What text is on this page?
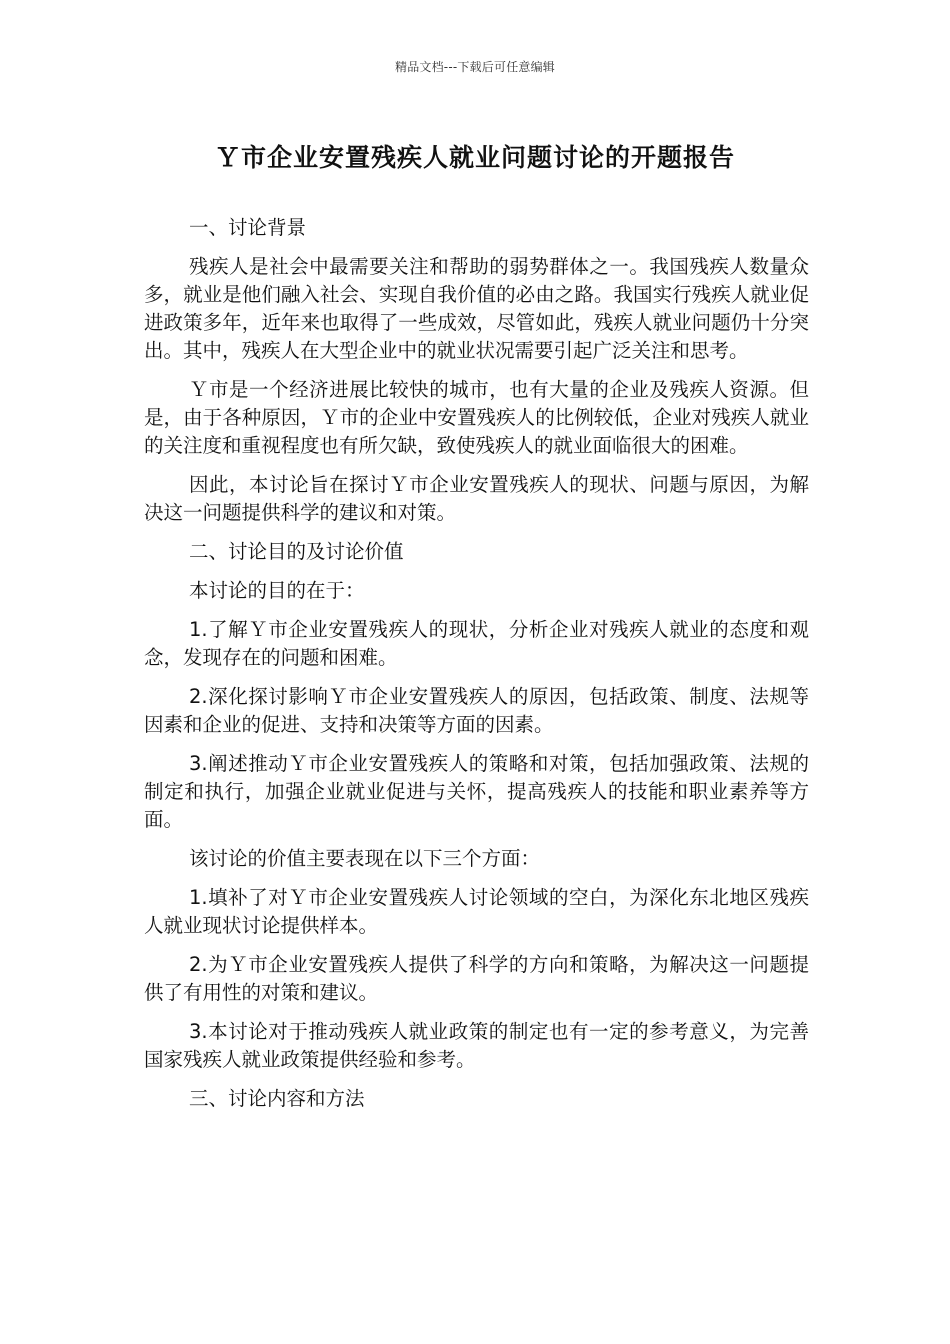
精品文档---下载后可任意编辑
Ｙ市企业安置残疾人就业问题讨论的开题报告

一、讨论背景

残疾人是社会中最需要关注和帮助的弱势群体之一。我国残疾人数量众多，就业是他们融入社会、实现自我价值的必由之路。我国实行残疾人就业促进政策多年，近年来也取得了一些成效，尽管如此，残疾人就业问题仍十分突出。其中，残疾人在大型企业中的就业状况需要引起广泛关注和思考。

Ｙ市是一个经济进展比较快的城市，也有大量的企业及残疾人资源。但是，由于各种原因，Ｙ市的企业中安置残疾人的比例较低，企业对残疾人就业的关注度和重视程度也有所欠缺，致使残疾人的就业面临很大的困难。

因此，本讨论旨在探讨Ｙ市企业安置残疾人的现状、问题与原因，为解决这一问题提供科学的建议和对策。

二、讨论目的及讨论价值

本讨论的目的在于：

1.了解Ｙ市企业安置残疾人的现状，分析企业对残疾人就业的态度和观念，发现存在的问题和困难。

2.深化探讨影响Ｙ市企业安置残疾人的原因，包括政策、制度、法规等因素和企业的促进、支持和决策等方面的因素。

3.阐述推动Ｙ市企业安置残疾人的策略和对策，包括加强政策、法规的制定和执行，加强企业就业促进与关怀，提高残疾人的技能和职业素养等方面。

该讨论的价值主要表现在以下三个方面：

1.填补了对Ｙ市企业安置残疾人讨论领域的空白，为深化东北地区残疾人就业现状讨论提供样本。

2.为Ｙ市企业安置残疾人提供了科学的方向和策略，为解决这一问题提供了有用性的对策和建议。

3.本讨论对于推动残疾人就业政策的制定也有一定的参考意义，为完善国家残疾人就业政策提供经验和参考。

三、讨论内容和方法
